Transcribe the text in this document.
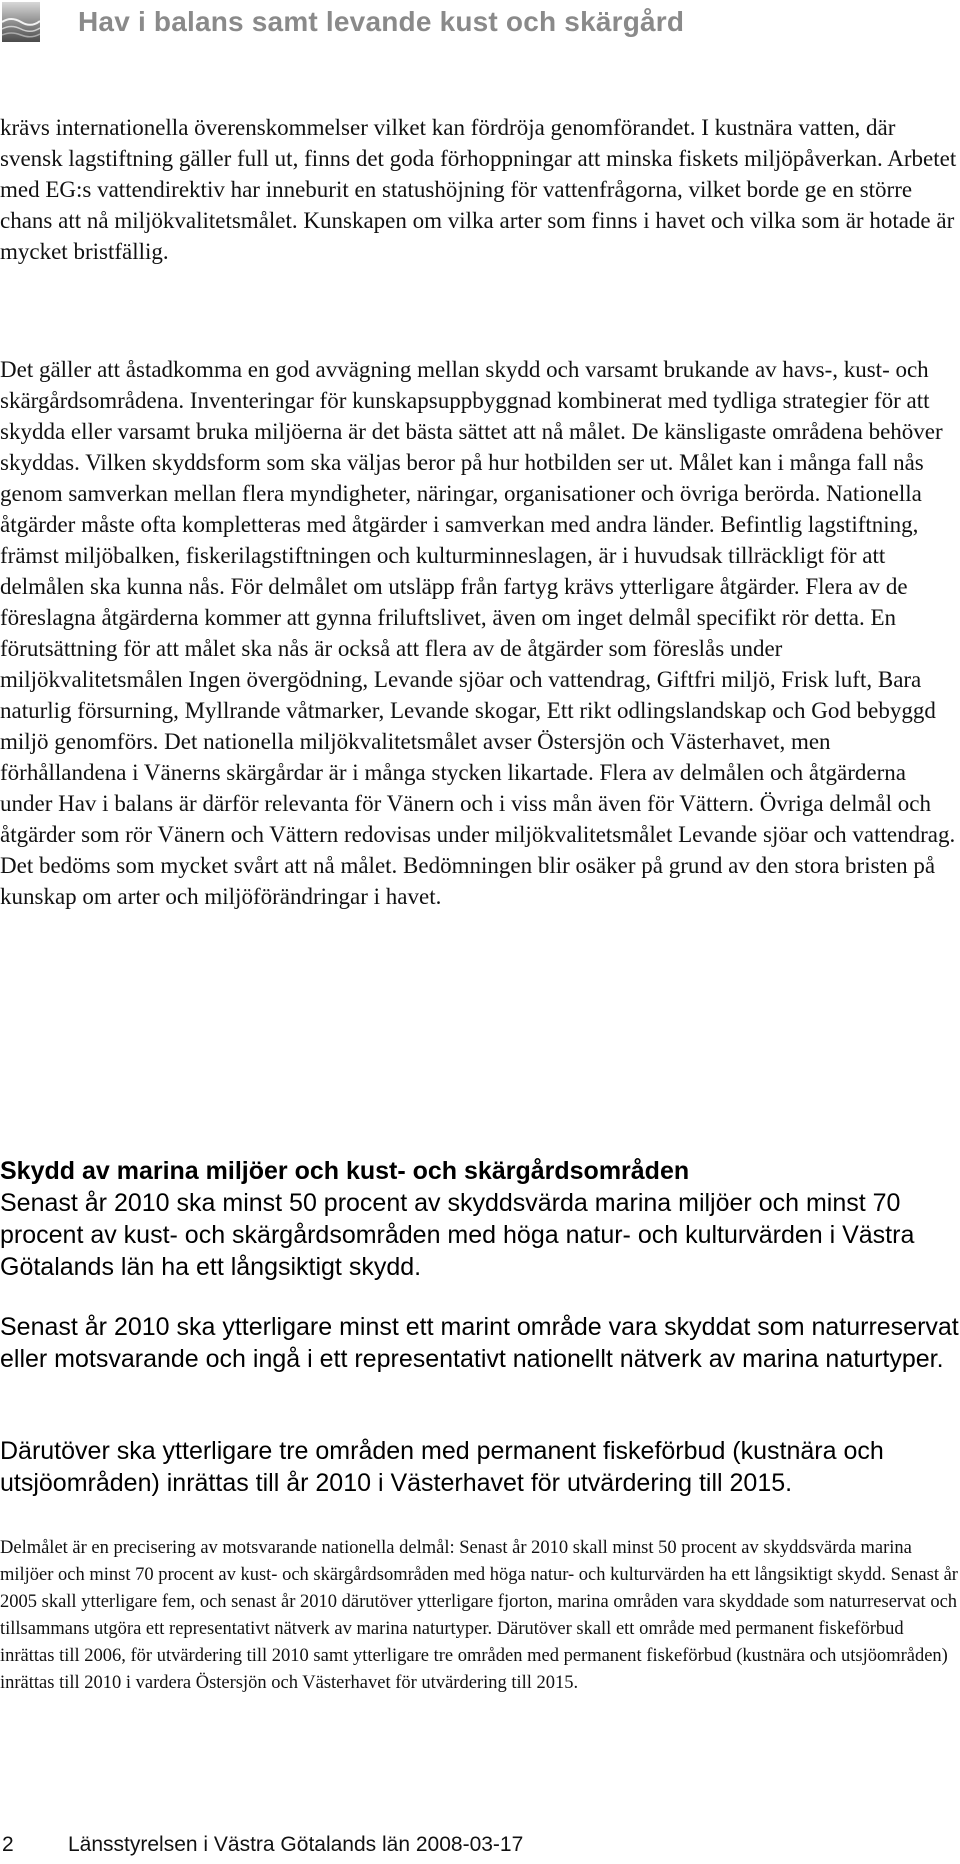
Hav i balans samt levande kust och skärgård

krävs internationella överenskommelser vilket kan fördröja genomförandet. I kustnära vatten, där svensk lagstiftning gäller full ut, finns det goda förhoppningar att minska fiskets miljöpåverkan. Arbetet med EG:s vattendirektiv har inneburit en statushöjning för vattenfrågorna, vilket borde ge en större chans att nå miljökvalitetsmålet. Kunskapen om vilka arter som finns i havet och vilka som är hotade är mycket bristfällig.

Det gäller att åstadkomma en god avvägning mellan skydd och varsamt brukande av havs-, kust- och skärgårdsområdena. Inventeringar för kunskapsuppbyggnad kombinerat med tydliga strategier för att skydda eller varsamt bruka miljöerna är det bästa sättet att nå målet. De känsligaste områdena behöver skyddas. Vilken skyddsform som ska väljas beror på hur hotbilden ser ut. Målet kan i många fall nås genom samverkan mellan flera myndigheter, näringar, organisationer och övriga berörda. Nationella åtgärder måste ofta kompletteras med åtgärder i samverkan med andra länder. Befintlig lagstiftning, främst miljöbalken, fiskerilagstiftningen och kulturminneslagen, är i huvudsak tillräckligt för att delmålen ska kunna nås. För delmålet om utsläpp från fartyg krävs ytterligare åtgärder. Flera av de föreslagna åtgärderna kommer att gynna friluftslivet, även om inget delmål specifikt rör detta. En förutsättning för att målet ska nås är också att flera av de åtgärder som föreslås under miljökvalitetsmålen Ingen övergödning, Levande sjöar och vattendrag, Giftfri miljö, Frisk luft, Bara naturlig försurning, Myllrande våtmarker, Levande skogar, Ett rikt odlingslandskap och God bebyggd miljö genomförs. Det nationella miljökvalitetsmålet avser Östersjön och Västerhavet, men förhållandena i Vänerns skärgårdar är i många stycken likartade. Flera av delmålen och åtgärderna under Hav i balans är därför relevanta för Vänern och i viss mån även för Vättern. Övriga delmål och åtgärder som rör Vänern och Vättern redovisas under miljökvalitetsmålet Levande sjöar och vattendrag. Det bedöms som mycket svårt att nå målet. Bedömningen blir osäker på grund av den stora bristen på kunskap om arter och miljöförändringar i havet.

Skydd av marina miljöer och kust- och skärgårdsområden

Senast år 2010 ska minst 50 procent av skyddsvärda marina miljöer och minst 70 procent av kust- och skärgårdsområden med höga natur- och kulturvärden i Västra Götalands län ha ett långsiktigt skydd.

Senast år 2010 ska ytterligare minst ett marint område vara skyddat som naturreservat eller motsvarande och ingå i ett representativt nationellt nätverk av marina naturtyper.

Därutöver ska ytterligare tre områden med permanent fiskeförbud (kustnära och utsjöområden) inrättas till år 2010 i Västerhavet för utvärdering till 2015.

Delmålet är en precisering av motsvarande nationella delmål: Senast år 2010 skall minst 50 procent av skyddsvärda marina miljöer och minst 70 procent av kust- och skärgårdsområden med höga natur- och kulturvärden ha ett långsiktigt skydd. Senast år 2005 skall ytterligare fem, och senast år 2010 därutöver ytterligare fjorton, marina områden vara skyddade som naturreservat och tillsammans utgöra ett representativt nätverk av marina naturtyper. Därutöver skall ett område med permanent fiskeförbud inrättas till 2006, för utvärdering till 2010 samt ytterligare tre områden med permanent fiskeförbud (kustnära och utsjöområden) inrättas till 2010 i vardera Östersjön och Västerhavet för utvärdering till 2015.

2	Länsstyrelsen i Västra Götalands län 2008-03-17
